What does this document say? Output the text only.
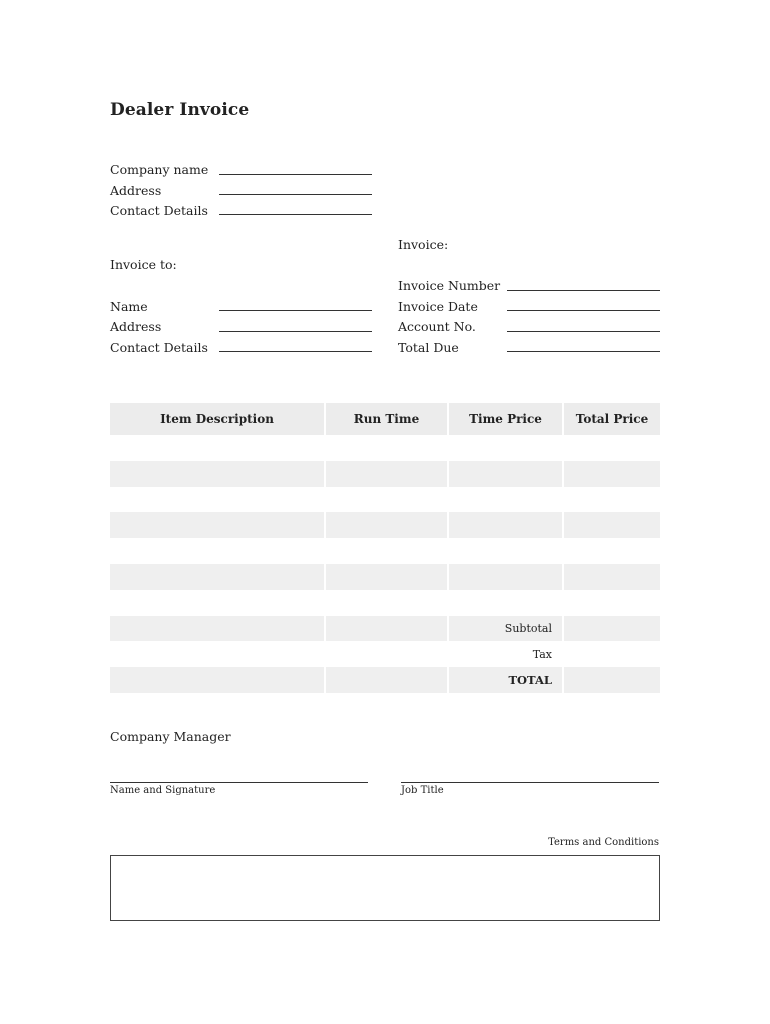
Dealer Invoice
Company name
Address
Contact Details
Invoice:
Invoice to:
Name
Address
Contact Details
Invoice Number
Invoice Date
Account No.
Total Due
Item Description	Run Time	Time Price	Total Price

		Subtotal	
		Tax	
		TOTAL	
Company Manager
Name and Signature	Job Title
Terms and Conditions
